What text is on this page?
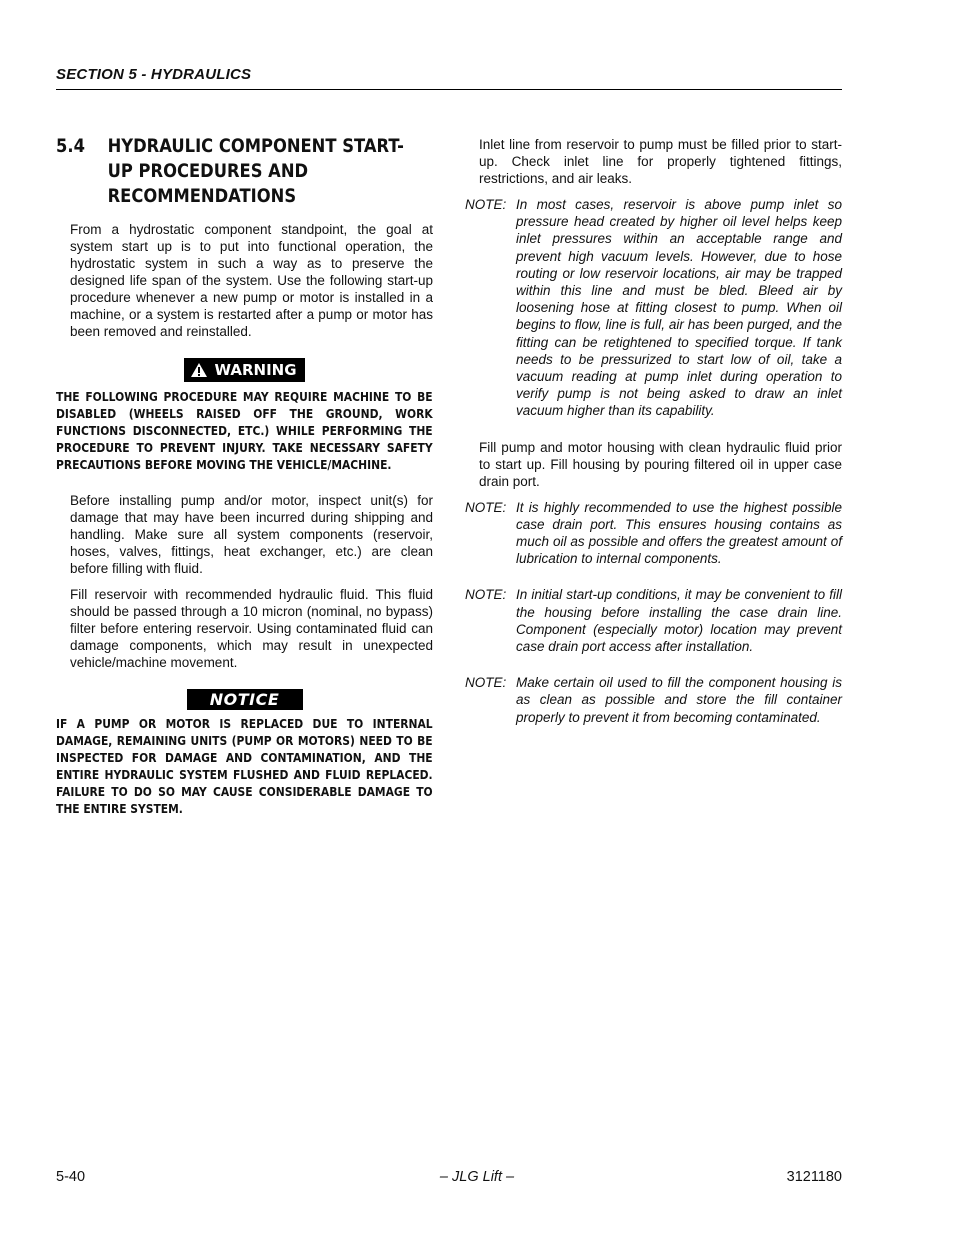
SECTION 5 - HYDRAULICS
5.4	HYDRAULIC COMPONENT START-UP PROCEDURES AND RECOMMENDATIONS

From a hydrostatic component standpoint, the goal at system start up is to put into functional operation, the hydrostatic system in such a way as to preserve the designed life span of the system. Use the following start-up procedure whenever a new pump or motor is installed in a machine, or a system is restarted after a pump or motor has been removed and reinstalled.

WARNING
THE FOLLOWING PROCEDURE MAY REQUIRE MACHINE TO BE DISABLED (WHEELS RAISED OFF THE GROUND, WORK FUNCTIONS DISCONNECTED, ETC.) WHILE PERFORMING THE PROCEDURE TO PREVENT INJURY. TAKE NECESSARY SAFETY PRECAUTIONS BEFORE MOVING THE VEHICLE/MACHINE.

Before installing pump and/or motor, inspect unit(s) for damage that may have been incurred during shipping and handling. Make sure all system components (reservoir, hoses, valves, fittings, heat exchanger, etc.) are clean before filling with fluid.

Fill reservoir with recommended hydraulic fluid. This fluid should be passed through a 10 micron (nominal, no bypass) filter before entering reservoir. Using contaminated fluid can damage components, which may result in unexpected vehicle/machine movement.

NOTICE
IF A PUMP OR MOTOR IS REPLACED DUE TO INTERNAL DAMAGE, REMAINING UNITS (PUMP OR MOTORS) NEED TO BE INSPECTED FOR DAMAGE AND CONTAMINATION, AND THE ENTIRE HYDRAULIC SYSTEM FLUSHED AND FLUID REPLACED. FAILURE TO DO SO MAY CAUSE CONSIDERABLE DAMAGE TO THE ENTIRE SYSTEM.

Inlet line from reservoir to pump must be filled prior to start-up. Check inlet line for properly tightened fittings, restrictions, and air leaks.

NOTE: In most cases, reservoir is above pump inlet so pressure head created by higher oil level helps keep inlet pressures within an acceptable range and prevent high vacuum levels. However, due to hose routing or low reservoir locations, air may be trapped within this line and must be bled. Bleed air by loosening hose at fitting closest to pump. When oil begins to flow, line is full, air has been purged, and the fitting can be retightened to specified torque. If tank needs to be pressurized to start low of oil, take a vacuum reading at pump inlet during operation to verify pump is not being asked to draw an inlet vacuum higher than its capability.

Fill pump and motor housing with clean hydraulic fluid prior to start up. Fill housing by pouring filtered oil in upper case drain port.

NOTE: It is highly recommended to use the highest possible case drain port. This ensures housing contains as much oil as possible and offers the greatest amount of lubrication to internal components.
NOTE: In initial start-up conditions, it may be convenient to fill the housing before installing the case drain line. Component (especially motor) location may prevent case drain port access after installation.
NOTE: Make certain oil used to fill the component housing is as clean as possible and store the fill container properly to prevent it from becoming contaminated.
– JLG Lift –
5-40	3121180
